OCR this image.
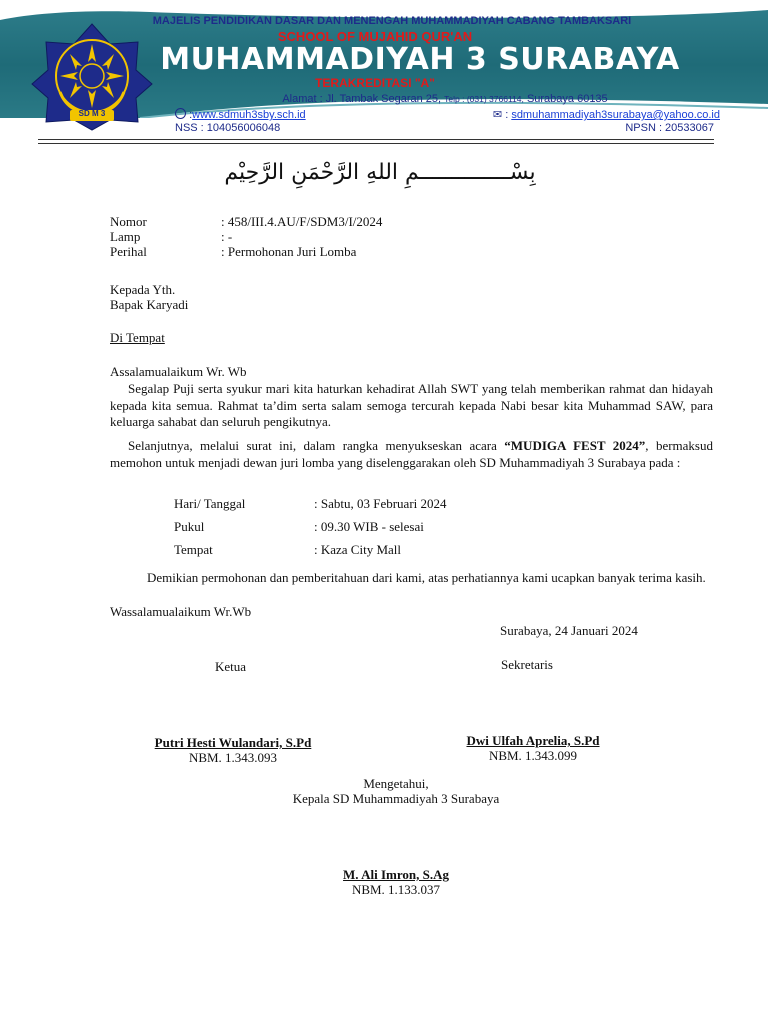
SD M 3
MAJELIS PENDIDIKAN DASAR DAN MENENGAH MUHAMMADIYAH CABANG TAMBAKSARI
SCHOOL OF MUJAHID QUR'AN
MUHAMMADIYAH 3 SURABAYA
TERAKREDITASI "A"
Alamat : Jl. Tambak Segaran 25, Telp : (031) 3766114, Surabaya 60135
:www.sdmuh3sby.sch.id	✉ : sdmuhammadiyah3surabaya@yahoo.co.id
NSS : 104056006048	NPSN : 20533067
بِسْــــــــــــــمِ اللهِ الرَّحْمَنِ الرَّحِيْم
Nomor	: 458/III.4.AU/F/SDM3/I/2024
Lamp	: -
Perihal	: Permohonan Juri Lomba
Kepada Yth.
Bapak Karyadi
Di Tempat
Assalamualaikum Wr. Wb
Segalap Puji serta syukur mari kita haturkan kehadirat Allah SWT yang telah memberikan rahmat dan hidayah kepada kita semua. Rahmat ta’dim serta salam semoga tercurah kepada Nabi besar kita Muhammad SAW, para keluarga sahabat dan seluruh pengikutnya.
Selanjutnya, melalui surat ini, dalam rangka menyukseskan acara “MUDIGA FEST 2024”, bermaksud memohon untuk menjadi dewan juri lomba yang diselenggarakan oleh SD Muhammadiyah 3 Surabaya pada :
Hari/ Tanggal	: Sabtu, 03 Februari 2024
Pukul	: 09.30 WIB - selesai
Tempat	: Kaza City Mall
Demikian permohonan dan pemberitahuan dari kami, atas perhatiannya kami ucapkan banyak terima kasih.
Wassalamualaikum Wr.Wb
Surabaya, 24 Januari 2024
Ketua	Sekretaris
Putri Hesti Wulandari, S.Pd
NBM. 1.343.093
Dwi Ulfah Aprelia, S.Pd
NBM. 1.343.099
Mengetahui,
Kepala SD Muhammadiyah 3 Surabaya
M. Ali Imron, S.Ag
NBM. 1.133.037
